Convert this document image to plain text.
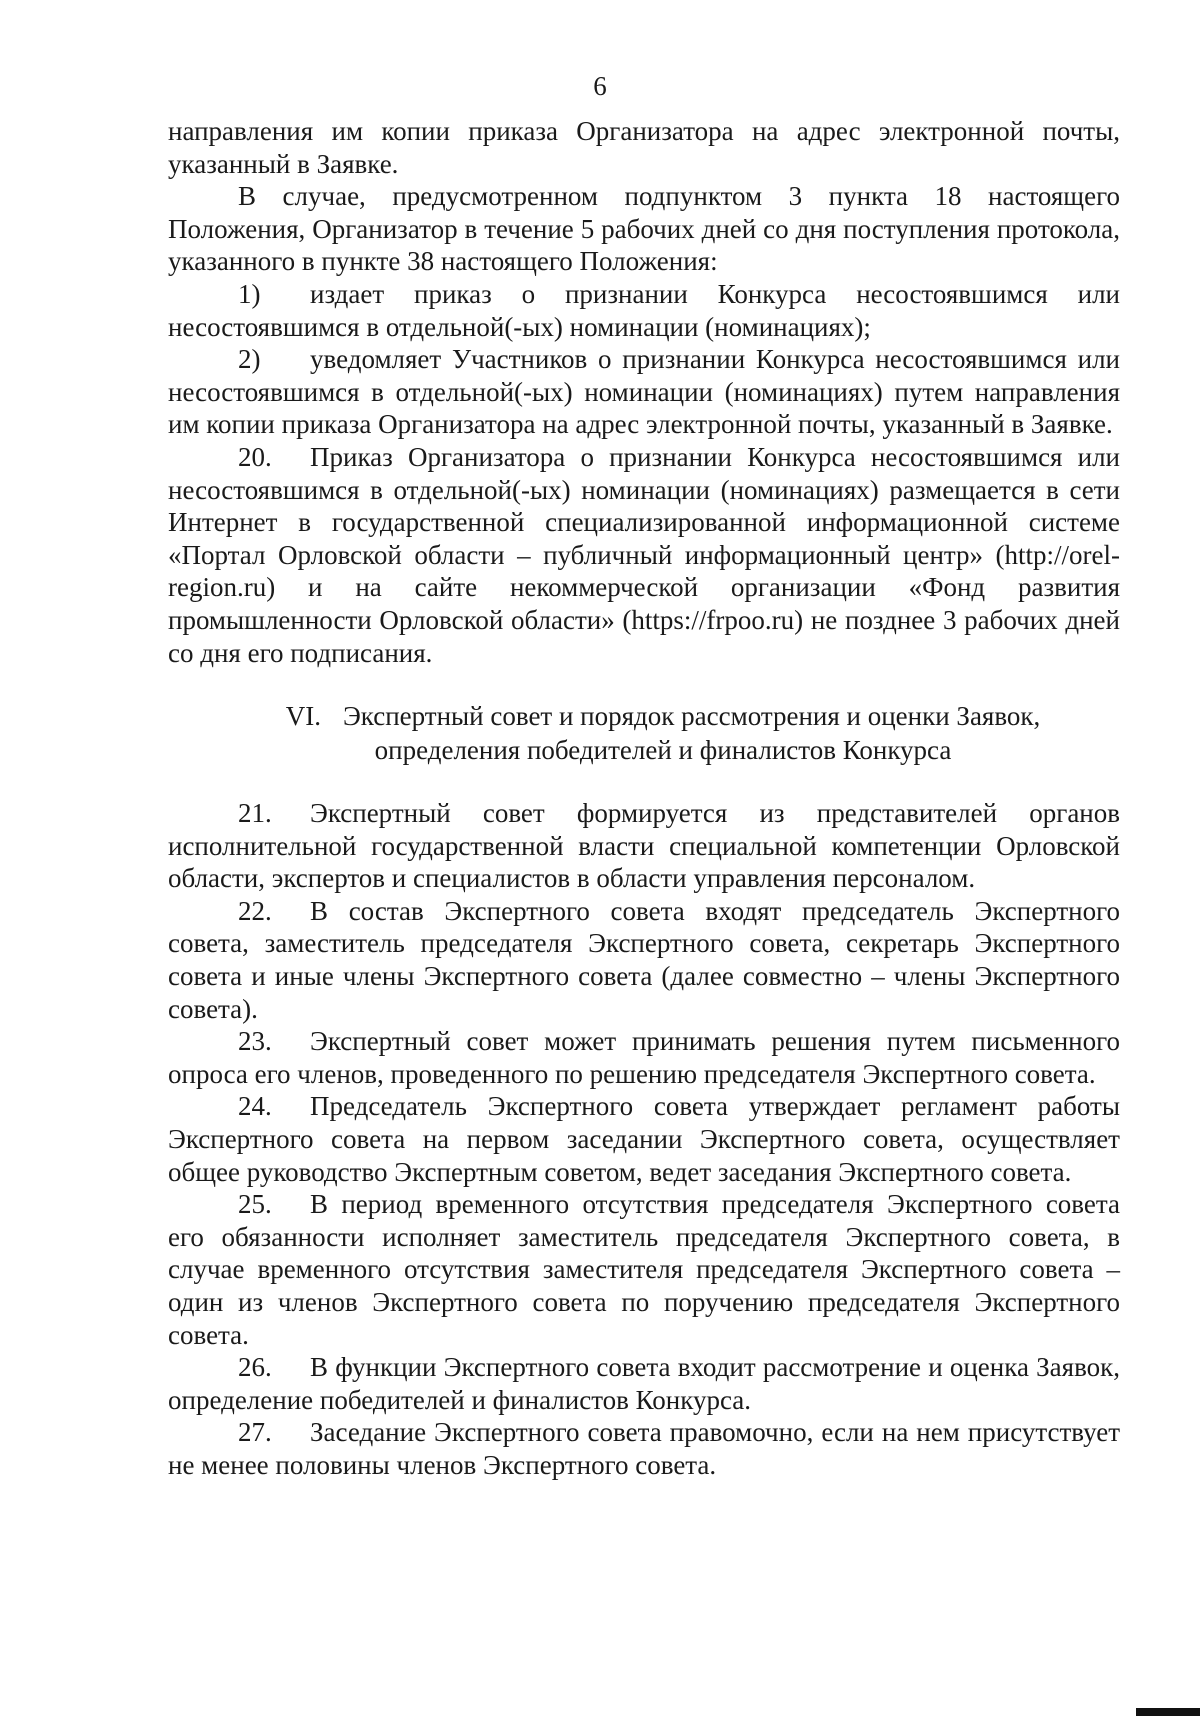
6

направления им копии приказа Организатора на адрес электронной почты, указанный в Заявке.

В случае, предусмотренном подпунктом 3 пункта 18 настоящего Положения, Организатор в течение 5 рабочих дней со дня поступления протокола, указанного в пункте 38 настоящего Положения:

1) издает приказ о признании Конкурса несостоявшимся или несостоявшимся в отдельной(-ых) номинации (номинациях);

2) уведомляет Участников о признании Конкурса несостоявшимся или несостоявшимся в отдельной(-ых) номинации (номинациях) путем направления им копии приказа Организатора на адрес электронной почты, указанный в Заявке.

20. Приказ Организатора о признании Конкурса несостоявшимся или несостоявшимся в отдельной(-ых) номинации (номинациях) размещается в сети Интернет в государственной специализированной информационной системе «Портал Орловской области – публичный информационный центр» (http://orel-region.ru) и на сайте некоммерческой организации «Фонд развития промышленности Орловской области» (https://frpoo.ru) не позднее 3 рабочих дней со дня его подписания.

VI. Экспертный совет и порядок рассмотрения и оценки Заявок,
определения победителей и финалистов Конкурса

21. Экспертный совет формируется из представителей органов исполнительной государственной власти специальной компетенции Орловской области, экспертов и специалистов в области управления персоналом.

22. В состав Экспертного совета входят председатель Экспертного совета, заместитель председателя Экспертного совета, секретарь Экспертного совета и иные члены Экспертного совета (далее совместно – члены Экспертного совета).

23. Экспертный совет может принимать решения путем письменного опроса его членов, проведенного по решению председателя Экспертного совета.

24. Председатель Экспертного совета утверждает регламент работы Экспертного совета на первом заседании Экспертного совета, осуществляет общее руководство Экспертным советом, ведет заседания Экспертного совета.

25. В период временного отсутствия председателя Экспертного совета его обязанности исполняет заместитель председателя Экспертного совета, в случае временного отсутствия заместителя председателя Экспертного совета – один из членов Экспертного совета по поручению председателя Экспертного совета.

26. В функции Экспертного совета входит рассмотрение и оценка Заявок, определение победителей и финалистов Конкурса.

27. Заседание Экспертного совета правомочно, если на нем присутствует не менее половины членов Экспертного совета.
